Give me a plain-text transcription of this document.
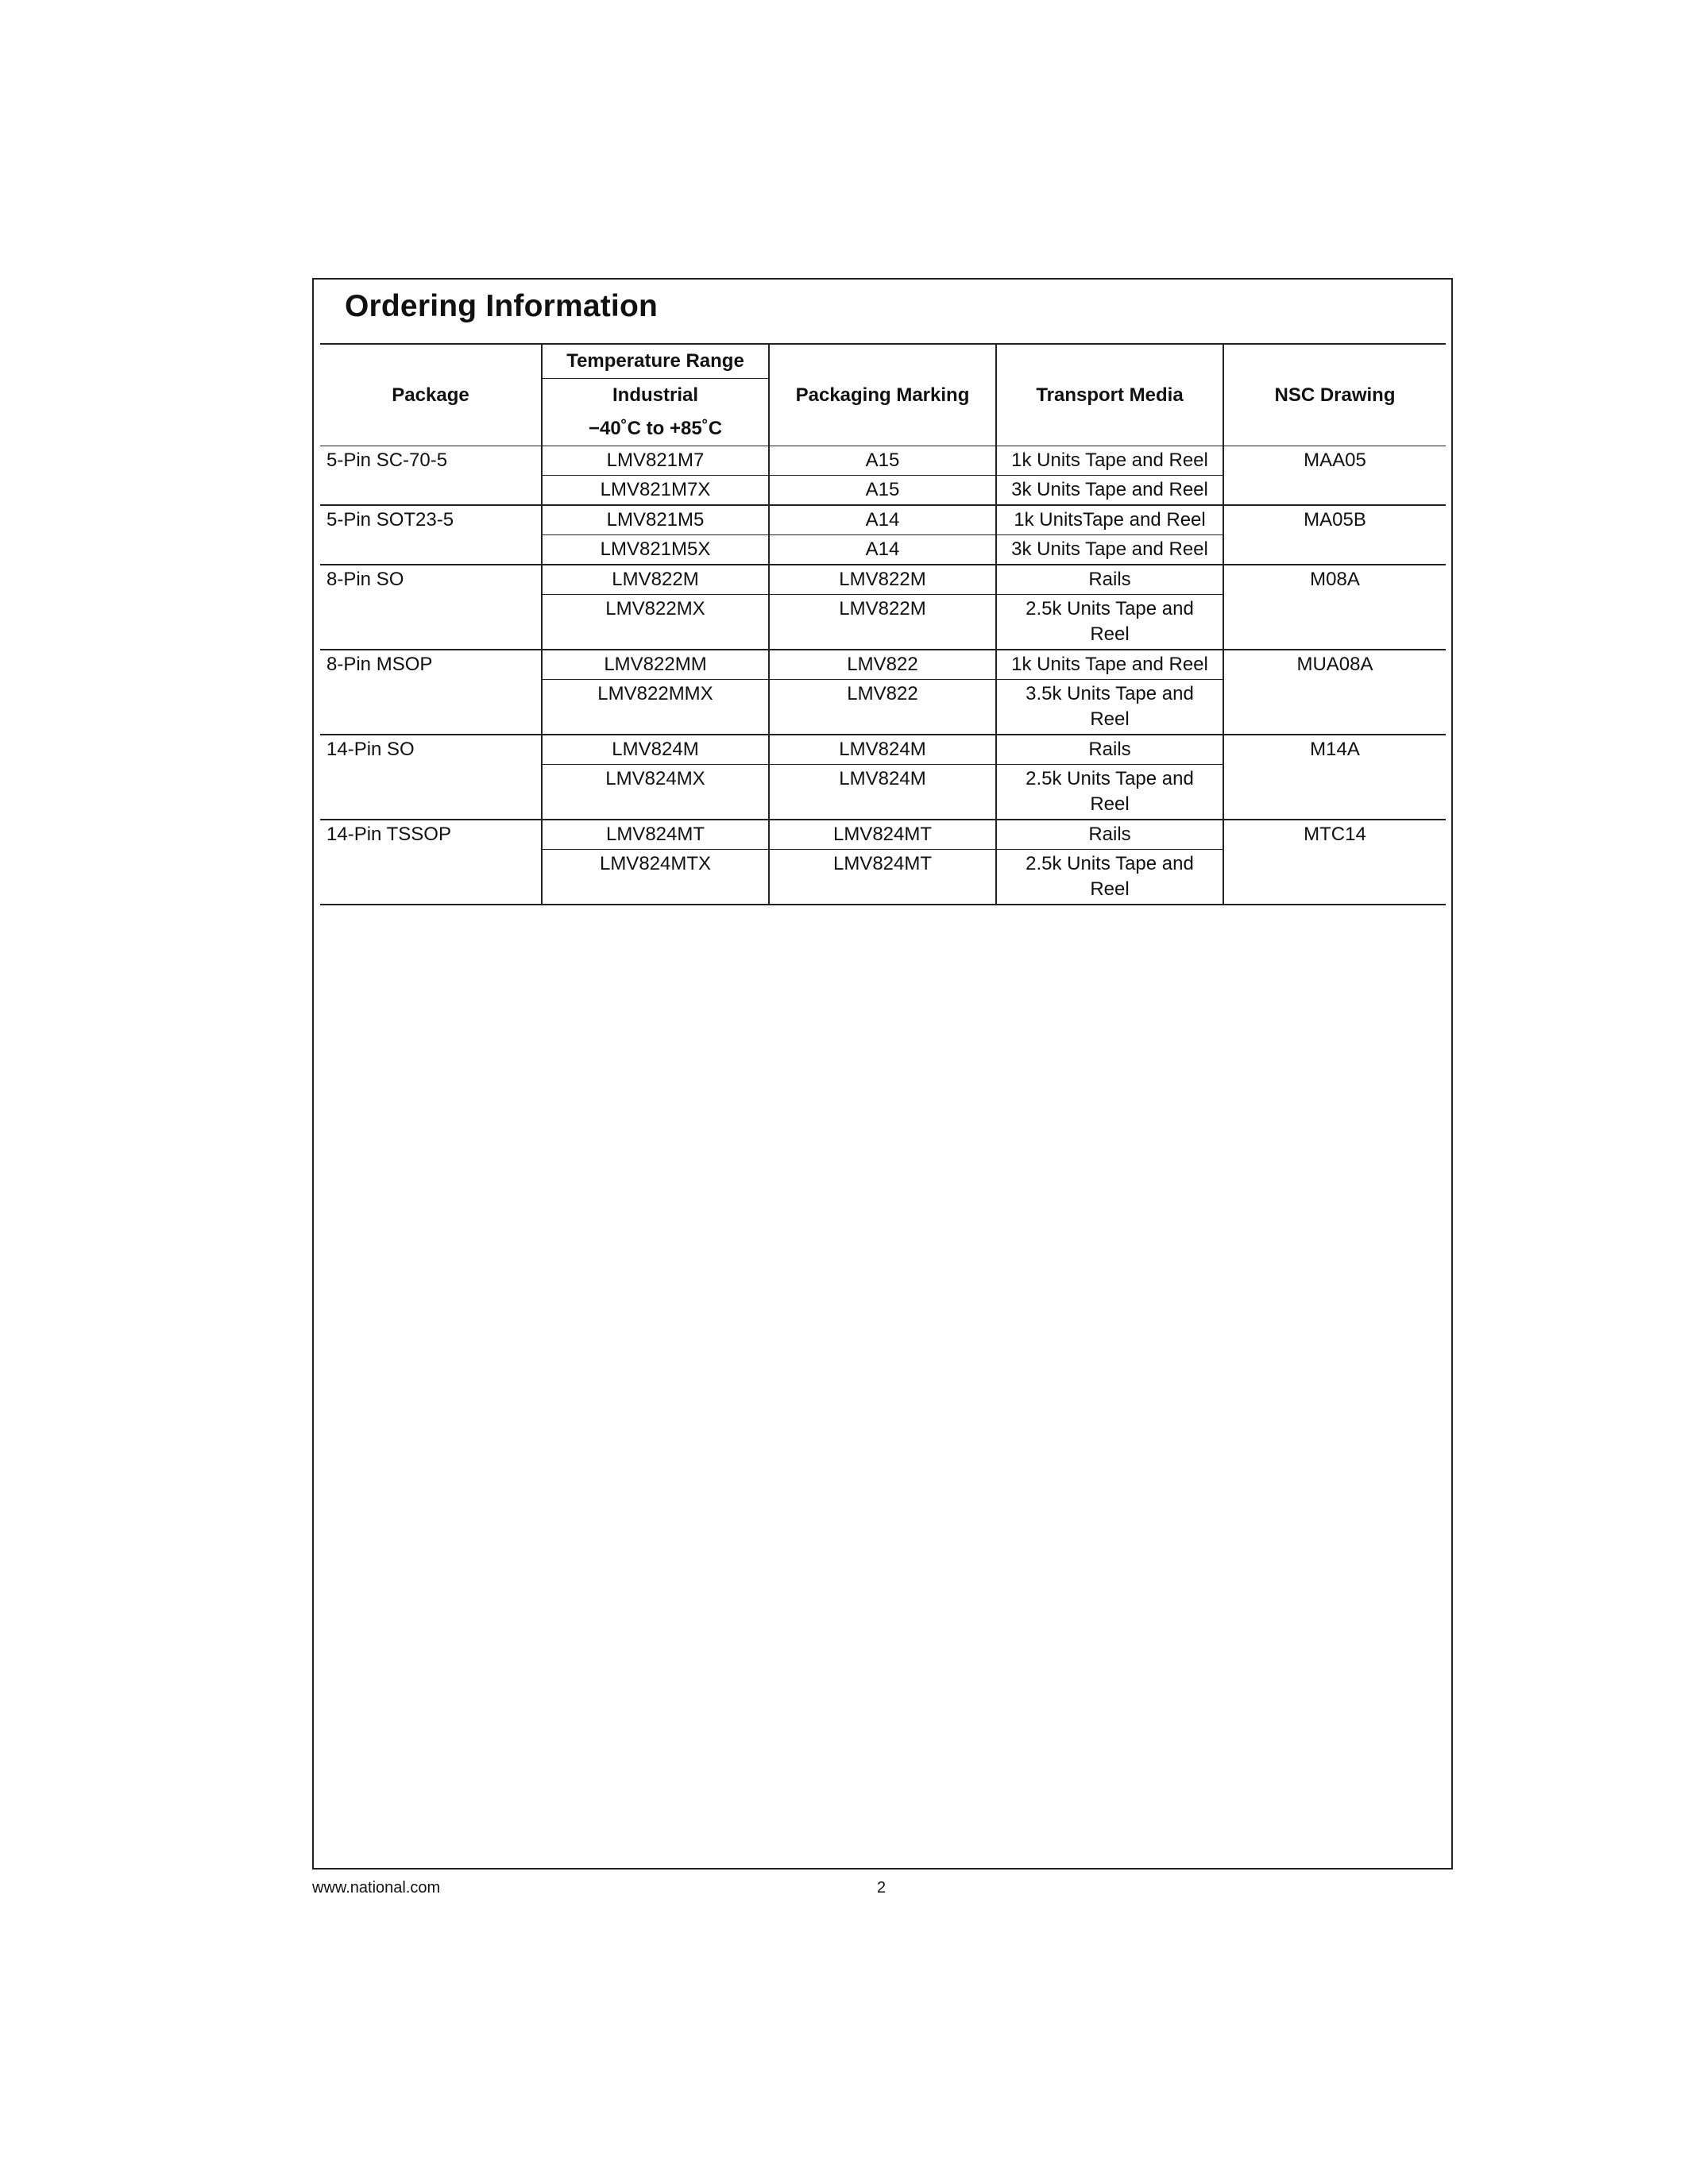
Ordering Information
Package	Temperature Range	Packaging Marking	Transport Media	NSC Drawing
	Industrial			
	−40˚C to +85˚C			
5-Pin SC-70-5	LMV821M7	A15	1k Units Tape and Reel	MAA05
	LMV821M7X	A15	3k Units Tape and Reel	
5-Pin SOT23-5	LMV821M5	A14	1k UnitsTape and Reel	MA05B
	LMV821M5X	A14	3k Units Tape and Reel	
8-Pin SO	LMV822M	LMV822M	Rails	M08A
	LMV822MX	LMV822M	2.5k Units Tape and Reel	
8-Pin MSOP	LMV822MM	LMV822	1k Units Tape and Reel	MUA08A
	LMV822MMX	LMV822	3.5k Units Tape and Reel	
14-Pin SO	LMV824M	LMV824M	Rails	M14A
	LMV824MX	LMV824M	2.5k Units Tape and Reel	
14-Pin TSSOP	LMV824MT	LMV824MT	Rails	MTC14
	LMV824MTX	LMV824MT	2.5k Units Tape and Reel	
www.national.com	2
